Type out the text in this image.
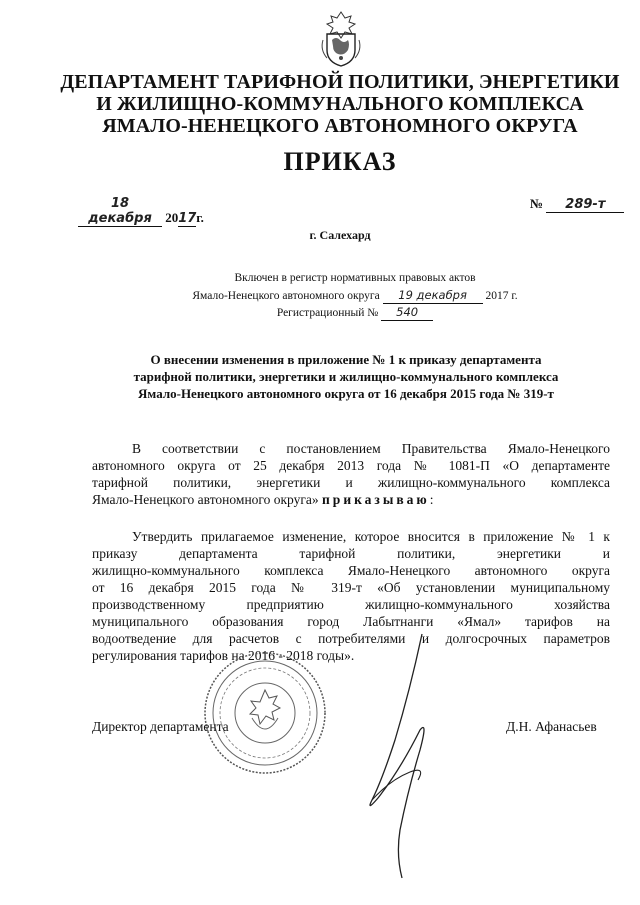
ДЕПАРТАМЕНТ ТАРИФНОЙ ПОЛИТИКИ, ЭНЕРГЕТИКИ
И ЖИЛИЩНО-КОММУНАЛЬНОГО КОМПЛЕКСА
ЯМАЛО-НЕНЕЦКОГО АВТОНОМНОГО ОКРУГА
ПРИКАЗ
18 декабря 2017г.
№ 289-т
г. Салехард
Включен в регистр нормативных правовых актов
Ямало-Ненецкого автономного округа 19 декабря 2017 г.
Регистрационный № 540
О внесении изменения в приложение № 1 к приказу департамента
тарифной политики, энергетики и жилищно-коммунального комплекса
Ямало-Ненецкого автономного округа от 16 декабря 2015 года № 319-т
В соответствии с постановлением Правительства Ямало-Ненецкого
автономного округа от 25 декабря 2013 года № 1081-П «О департаменте
тарифной политики, энергетики и жилищно-коммунального комплекса
Ямало-Ненецкого автономного округа» приказываю:
Утвердить прилагаемое изменение, которое вносится в приложение № 1 к
приказу департамента тарифной политики, энергетики и
жилищно-коммунального комплекса Ямало-Ненецкого автономного округа
от 16 декабря 2015 года № 319-т «Об установлении муниципальному
производственному предприятию жилищно-коммунального хозяйства
муниципального образования город Лабытнанги «Ямал» тарифов на
водоотведение для расчетов с потребителями и долгосрочных параметров
регулирования тарифов на 2016 - 2018 годы».
Директор департамента	Д.Н. Афанасьев
